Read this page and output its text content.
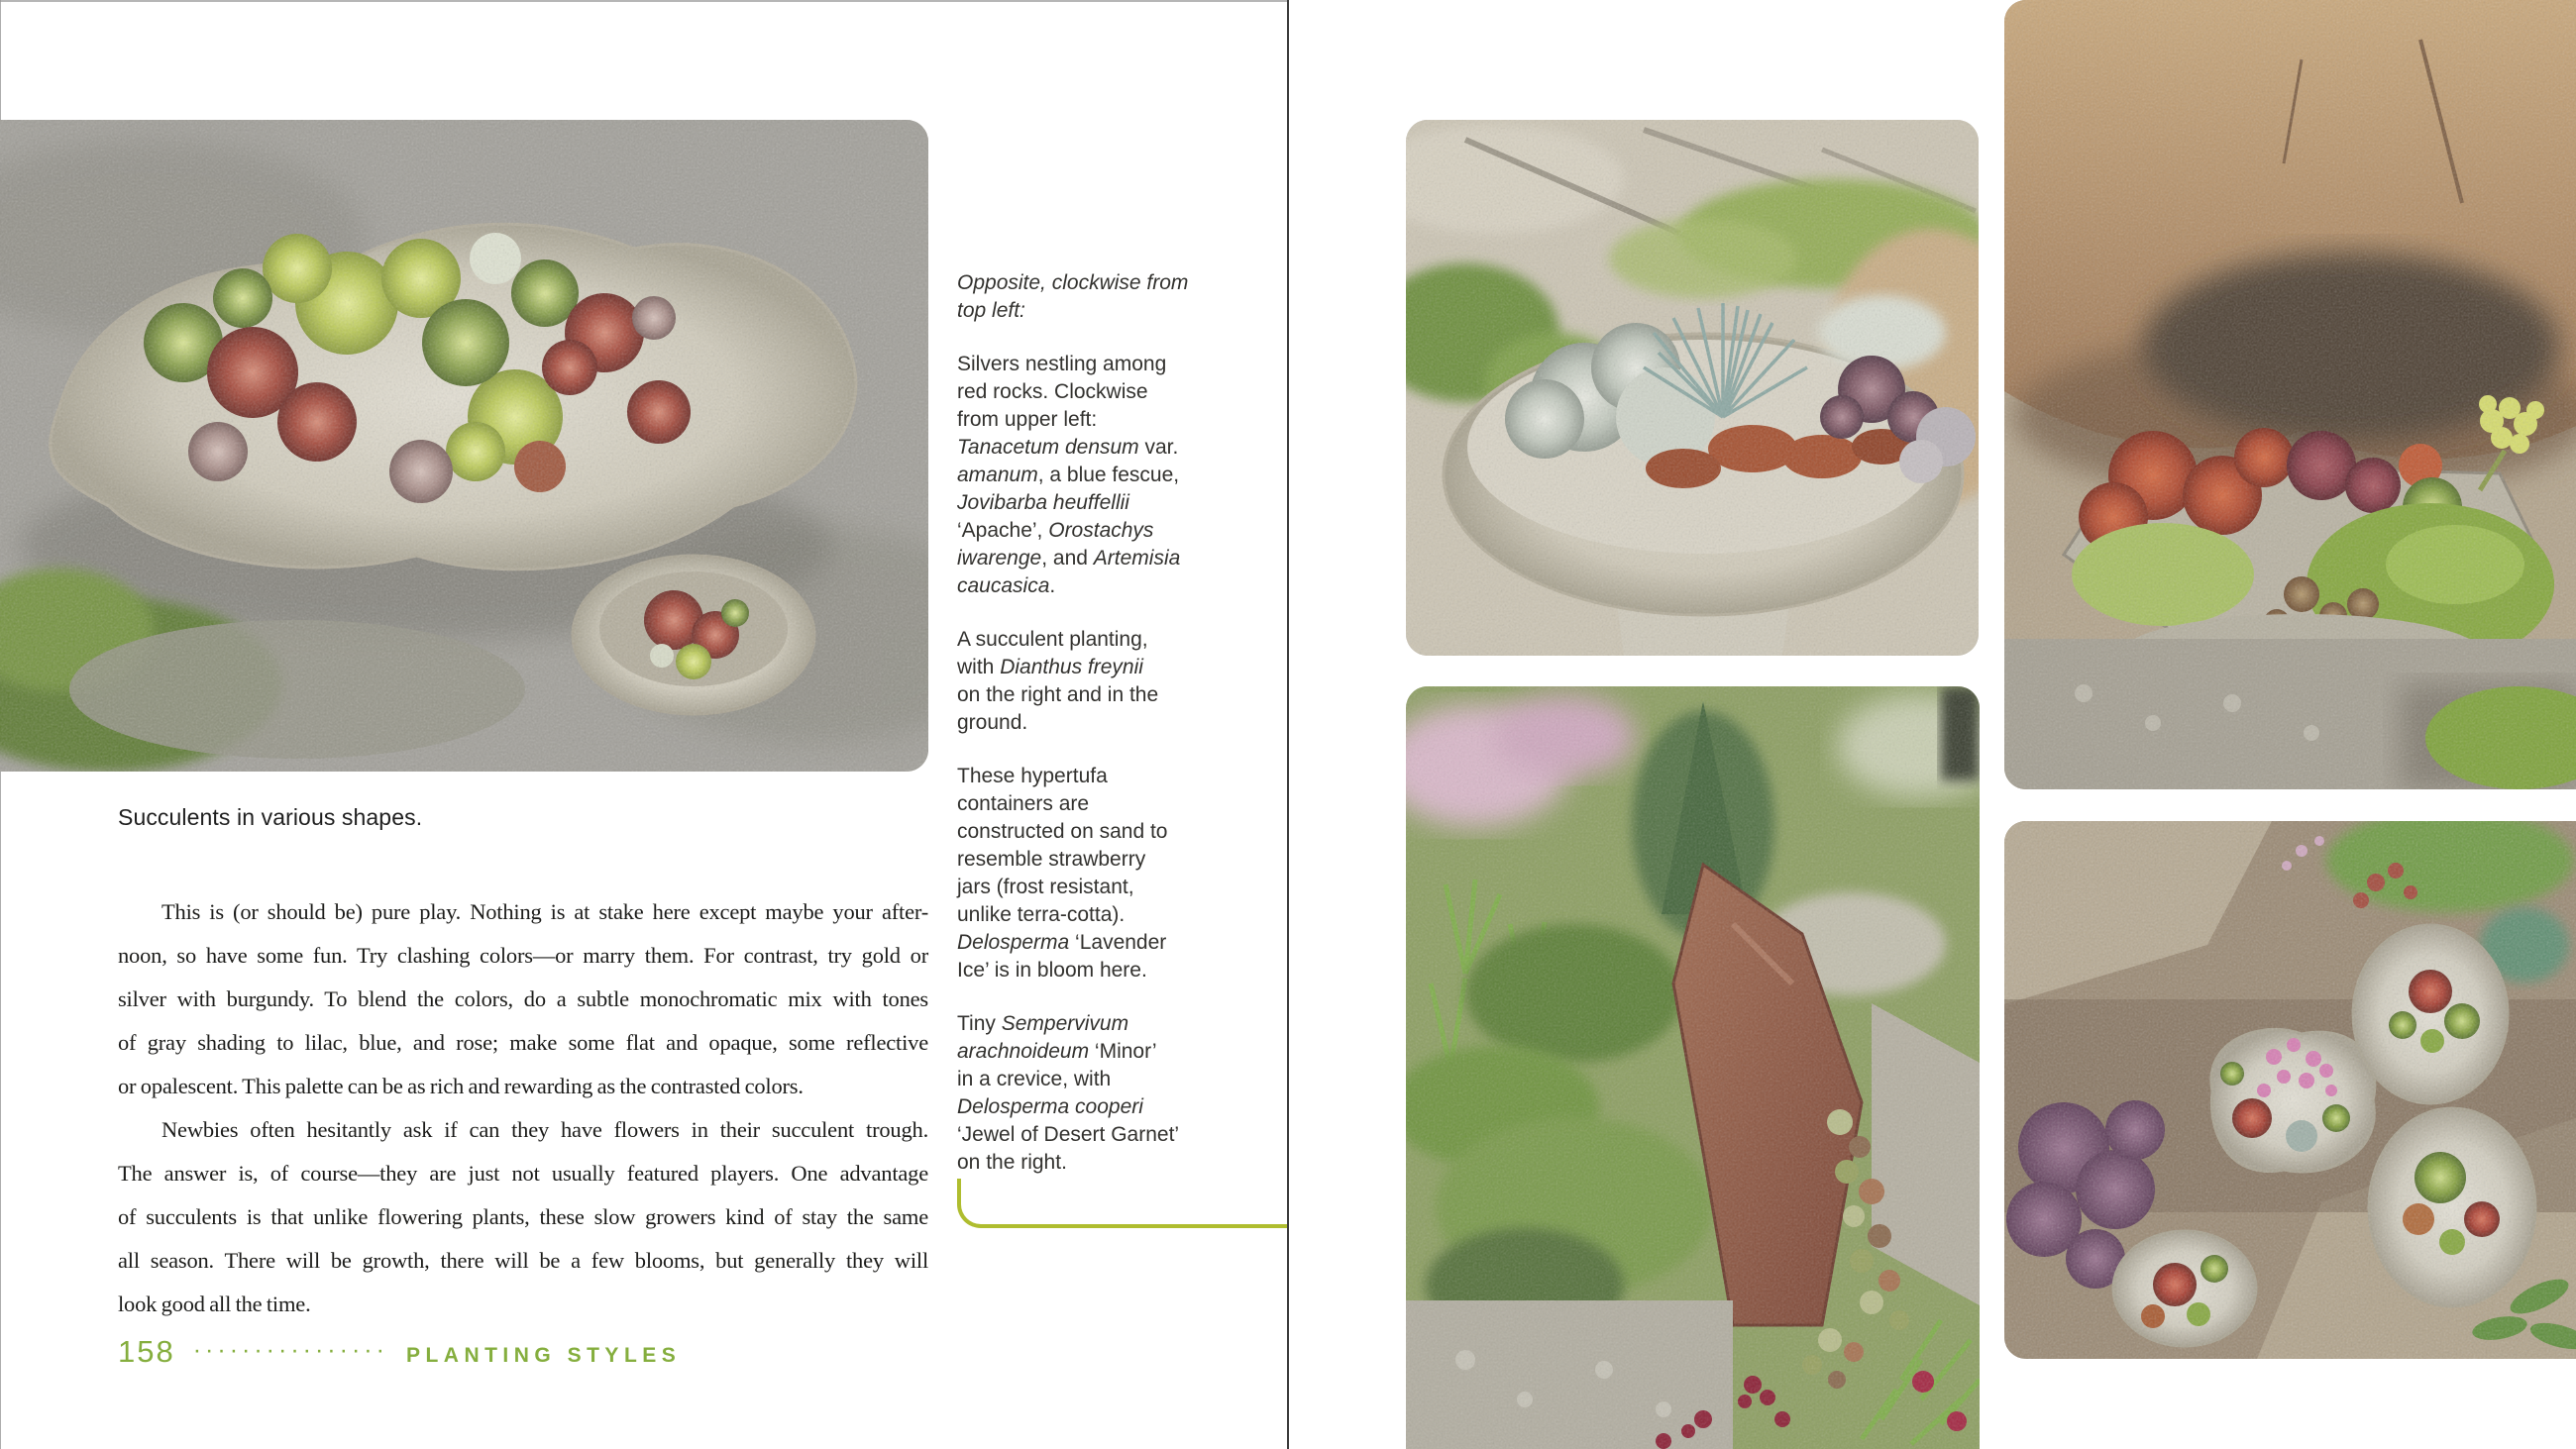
Succulents in various shapes.
This is (or should be) pure play. Nothing is at stake here except maybe your after-
noon, so have some fun. Try clashing colors—or marry them. For contrast, try gold or
silver with burgundy. To blend the colors, do a subtle monochromatic mix with tones
of gray shading to lilac, blue, and rose; make some flat and opaque, some reflective
or opalescent. This palette can be as rich and rewarding as the contrasted colors.
Newbies often hesitantly ask if can they have flowers in their succulent trough.
The answer is, of course—they are just not usually featured players. One advantage
of succulents is that unlike flowering plants, these slow growers kind of stay the same
all season. There will be growth, there will be a few blooms, but generally they will
look good all the time.
158 ················ PLANTING STYLES
Opposite, clockwise from
top left:
Silvers nestling among
red rocks. Clockwise
from upper left:
Tanacetum densum var.
amanum, a blue fescue,
Jovibarba heuffellii
‘Apache’, Orostachys
iwarenge, and Artemisia
caucasica.
A succulent planting,
with Dianthus freynii
on the right and in the
ground.
These hypertufa
containers are
constructed on sand to
resemble strawberry
jars (frost resistant,
unlike terra-cotta).
Delosperma ‘Lavender
Ice’ is in bloom here.
Tiny Sempervivum
arachnoideum ‘Minor’
in a crevice, with
Delosperma cooperi
‘Jewel of Desert Garnet’
on the right.
